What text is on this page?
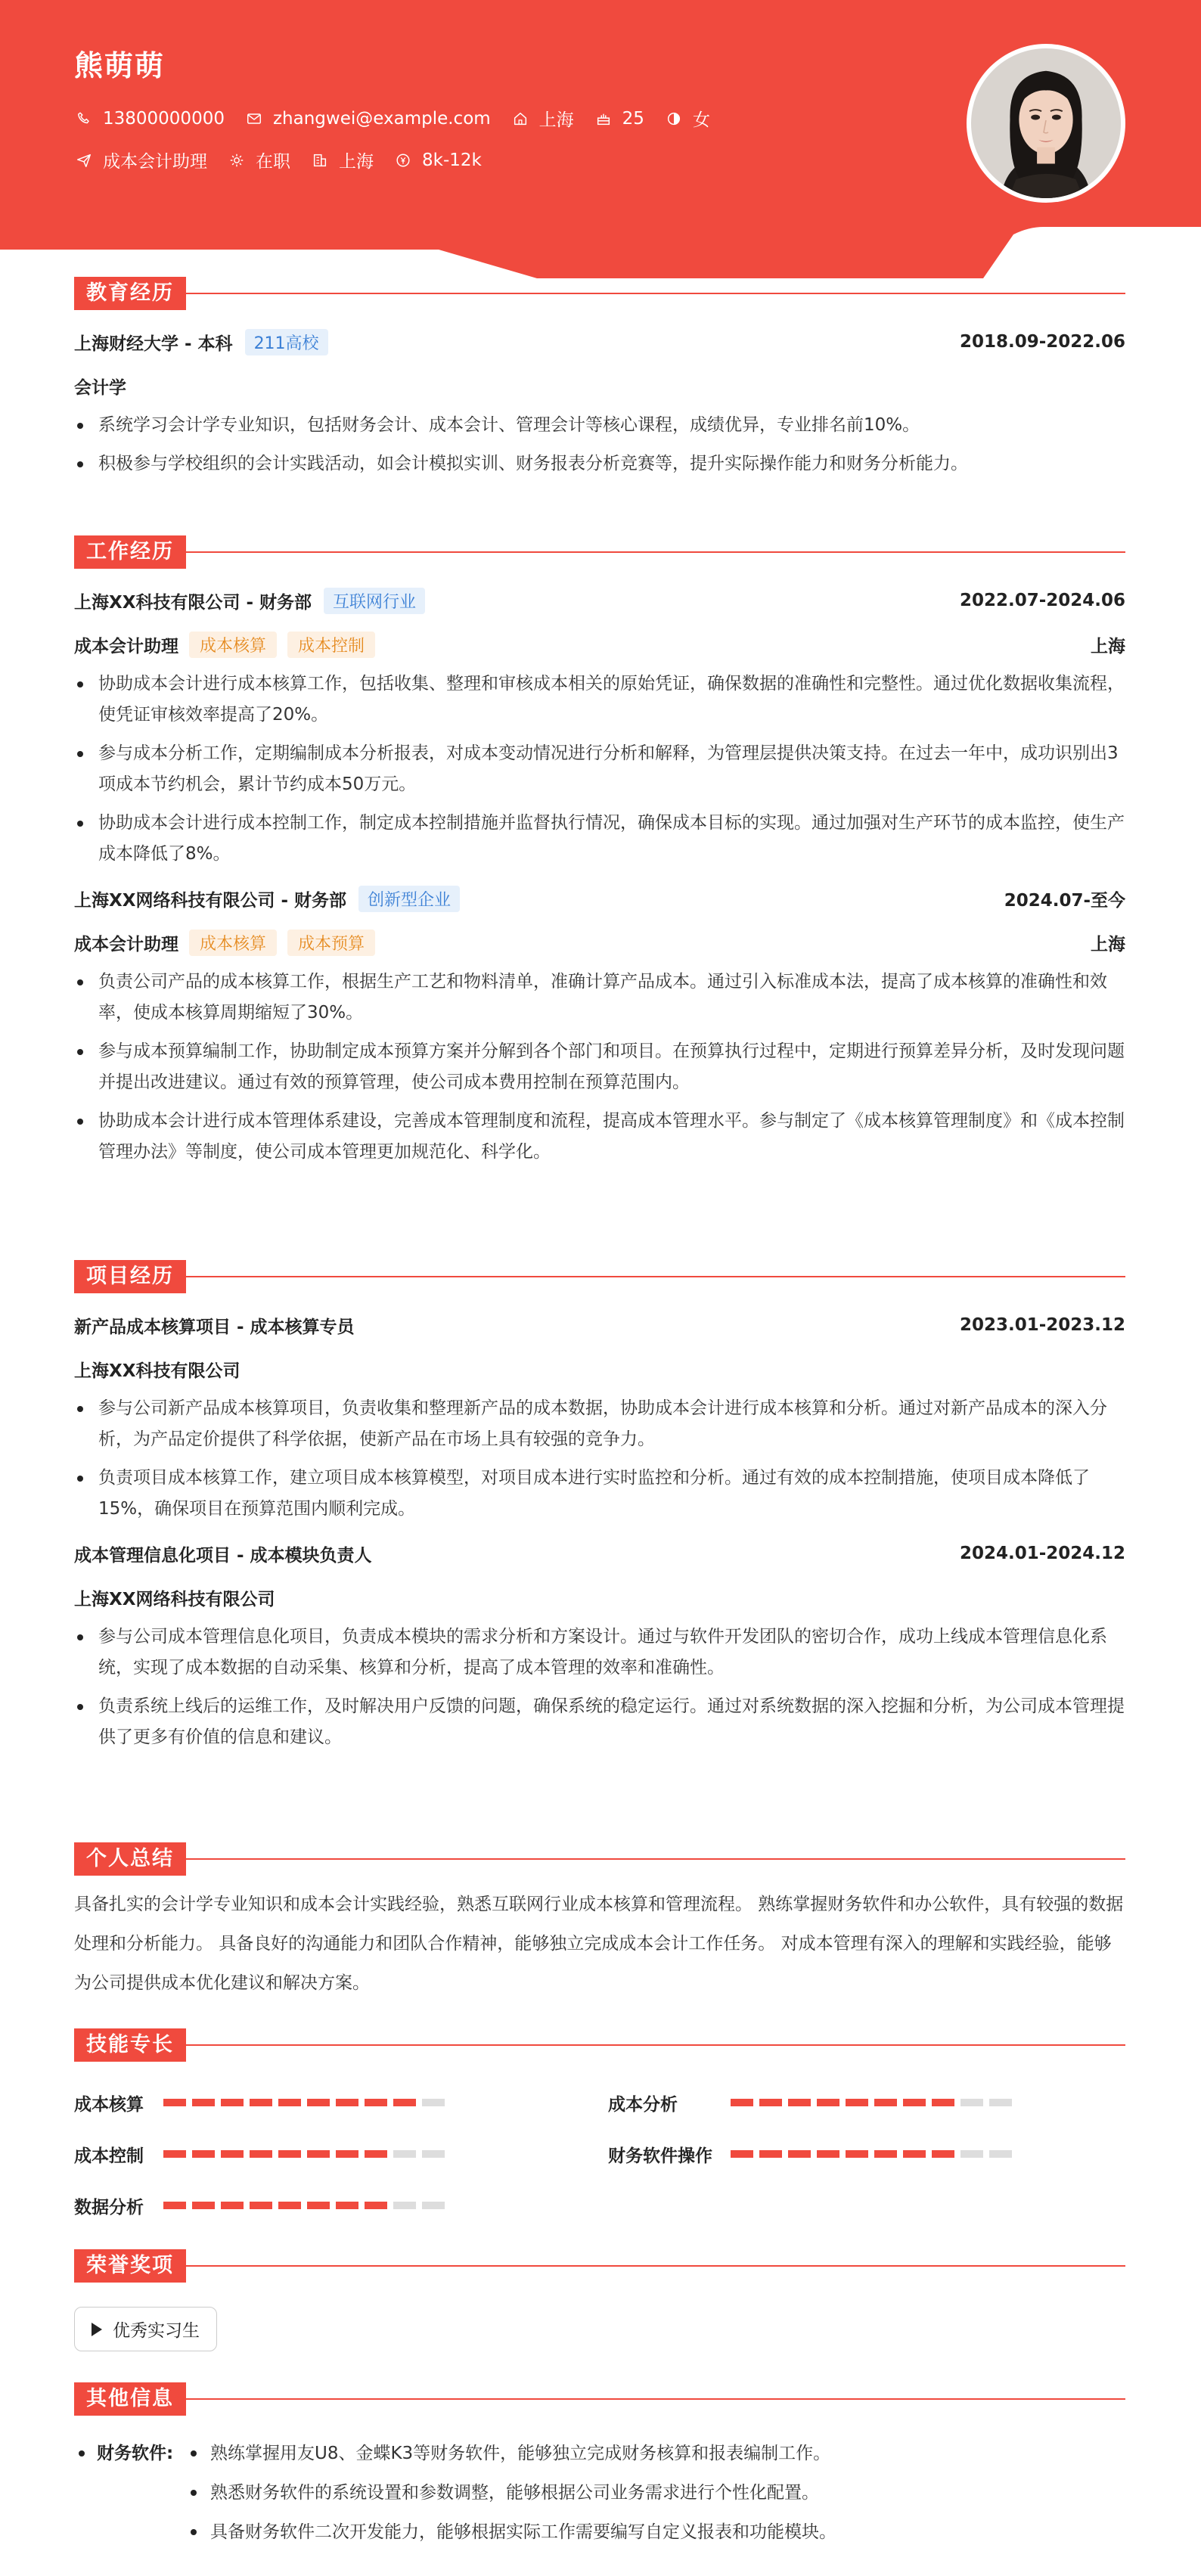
熊萌萌
13800000000	zhangwei@example.com	上海	25	女
成本会计助理	在职	上海	8k-12k
教育经历
上海财经大学 - 本科	211高校	2018.09-2022.06
会计学
系统学习会计学专业知识，包括财务会计、成本会计、管理会计等核心课程，成绩优异，专业排名前10%。
积极参与学校组织的会计实践活动，如会计模拟实训、财务报表分析竞赛等，提升实际操作能力和财务分析能力。
工作经历
上海XX科技有限公司 - 财务部	互联网行业	2022.07-2024.06
成本会计助理	成本核算	成本控制	上海
协助成本会计进行成本核算工作，包括收集、整理和审核成本相关的原始凭证，确保数据的准确性和完整性。通过优化数据收集流程，使凭证审核效率提高了20%。
参与成本分析工作，定期编制成本分析报表，对成本变动情况进行分析和解释，为管理层提供决策支持。在过去一年中，成功识别出3项成本节约机会，累计节约成本50万元。
协助成本会计进行成本控制工作，制定成本控制措施并监督执行情况，确保成本目标的实现。通过加强对生产环节的成本监控，使生产成本降低了8%。
上海XX网络科技有限公司 - 财务部	创新型企业	2024.07-至今
成本会计助理	成本核算	成本预算	上海
负责公司产品的成本核算工作，根据生产工艺和物料清单，准确计算产品成本。通过引入标准成本法，提高了成本核算的准确性和效率，使成本核算周期缩短了30%。
参与成本预算编制工作，协助制定成本预算方案并分解到各个部门和项目。在预算执行过程中，定期进行预算差异分析，及时发现问题并提出改进建议。通过有效的预算管理，使公司成本费用控制在预算范围内。
协助成本会计进行成本管理体系建设，完善成本管理制度和流程，提高成本管理水平。参与制定了《成本核算管理制度》和《成本控制管理办法》等制度，使公司成本管理更加规范化、科学化。
项目经历
新产品成本核算项目 - 成本核算专员	2023.01-2023.12
上海XX科技有限公司
参与公司新产品成本核算项目，负责收集和整理新产品的成本数据，协助成本会计进行成本核算和分析。通过对新产品成本的深入分析，为产品定价提供了科学依据，使新产品在市场上具有较强的竞争力。
负责项目成本核算工作，建立项目成本核算模型，对项目成本进行实时监控和分析。通过有效的成本控制措施，使项目成本降低了15%，确保项目在预算范围内顺利完成。
成本管理信息化项目 - 成本模块负责人	2024.01-2024.12
上海XX网络科技有限公司
参与公司成本管理信息化项目，负责成本模块的需求分析和方案设计。通过与软件开发团队的密切合作，成功上线成本管理信息化系统，实现了成本数据的自动采集、核算和分析，提高了成本管理的效率和准确性。
负责系统上线后的运维工作，及时解决用户反馈的问题，确保系统的稳定运行。通过对系统数据的深入挖掘和分析，为公司成本管理提供了更多有价值的信息和建议。
个人总结

具备扎实的会计学专业知识和成本会计实践经验，熟悉互联网行业成本核算和管理流程。 熟练掌握财务软件和办公软件，具有较强的数据处理和分析能力。 具备良好的沟通能力和团队合作精神，能够独立完成成本会计工作任务。 对成本管理有深入的理解和实践经验，能够为公司提供成本优化建议和解决方案。

技能专长
成本核算	成本分析
成本控制	财务软件操作
数据分析
荣誉奖项
优秀实习生
其他信息
财务软件:	熟练掌握用友U8、金蝶K3等财务软件，能够独立完成财务核算和报表编制工作。
熟悉财务软件的系统设置和参数调整，能够根据公司业务需求进行个性化配置。
具备财务软件二次开发能力，能够根据实际工作需要编写自定义报表和功能模块。
